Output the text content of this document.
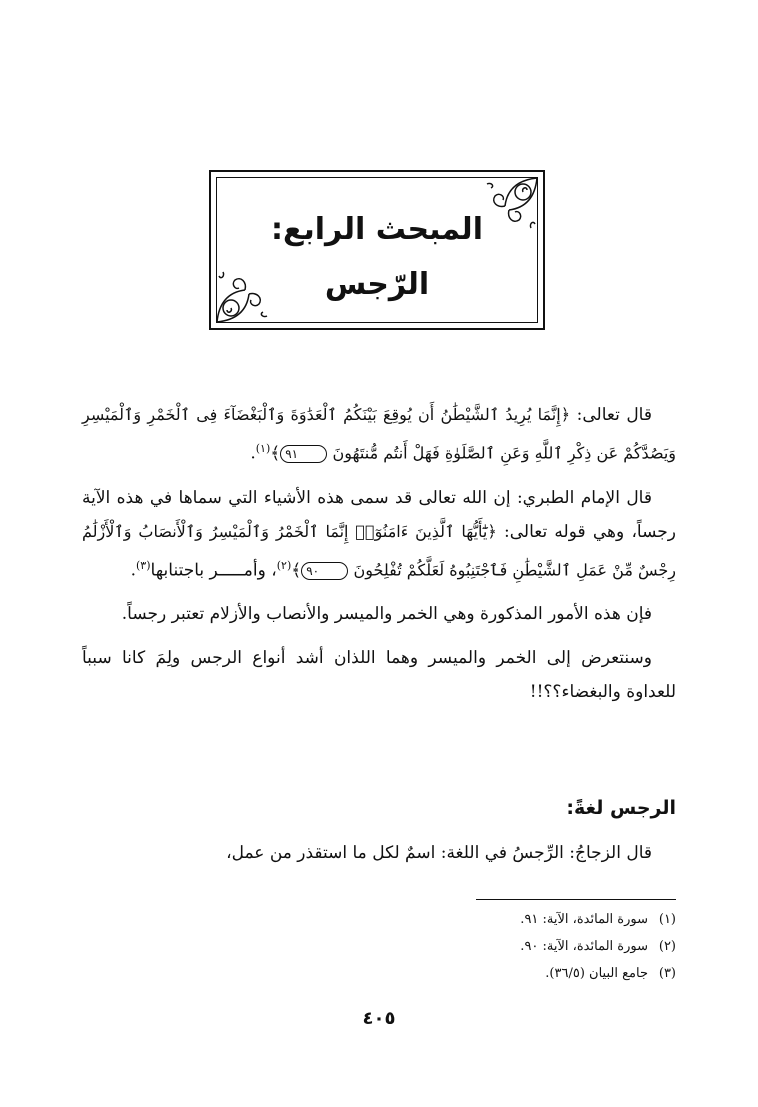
المبحث الرابع:
الرّجس

قال تعالى: ﴿إِنَّمَا يُرِيدُ ٱلشَّيْطَٰنُ أَن يُوقِعَ بَيْنَكُمُ ٱلْعَدَٰوَةَ وَٱلْبَغْضَآءَ فِى ٱلْخَمْرِ وَٱلْمَيْسِرِ وَيَصُدَّكُمْ عَن ذِكْرِ ٱللَّهِ وَعَنِ ٱلصَّلَوٰةِ فَهَلْ أَنتُم مُّنتَهُونَ ٩١﴾$^{(١)}$.

قال الإمام الطبري: إن الله تعالى قد سمى هذه الأشياء التي سماها في هذه الآية رجساً، وهي قوله تعالى: ﴿يَٰٓأَيُّهَا ٱلَّذِينَ ءَامَنُوٓا۟ إِنَّمَا ٱلْخَمْرُ وَٱلْمَيْسِرُ وَٱلْأَنصَابُ وَٱلْأَزْلَٰمُ رِجْسٌ مِّنْ عَمَلِ ٱلشَّيْطَٰنِ فَٱجْتَنِبُوهُ لَعَلَّكُمْ تُفْلِحُونَ ٩٠﴾$^{(٢)}$، وأمـــــر باجتنابها$^{(٣)}$.

فإن هذه الأمور المذكورة وهي الخمر والميسر والأنصاب والأزلام تعتبر رجساً.

وسنتعرض إلى الخمر والميسر وهما اللذان أشد أنواع الرجس ولِمَ كانا سبباً للعداوة والبغضاء؟؟!!

الرجس لغةً:
قال الزجاجُ: الرِّجسُ في اللغة: اسمٌ لكل ما استقذر من عمل،
(١)سورة المائدة، الآية: ٩١.
(٢)سورة المائدة، الآية: ٩٠.
(٣)جامع البيان (٣٦/٥).
٤٠٥
